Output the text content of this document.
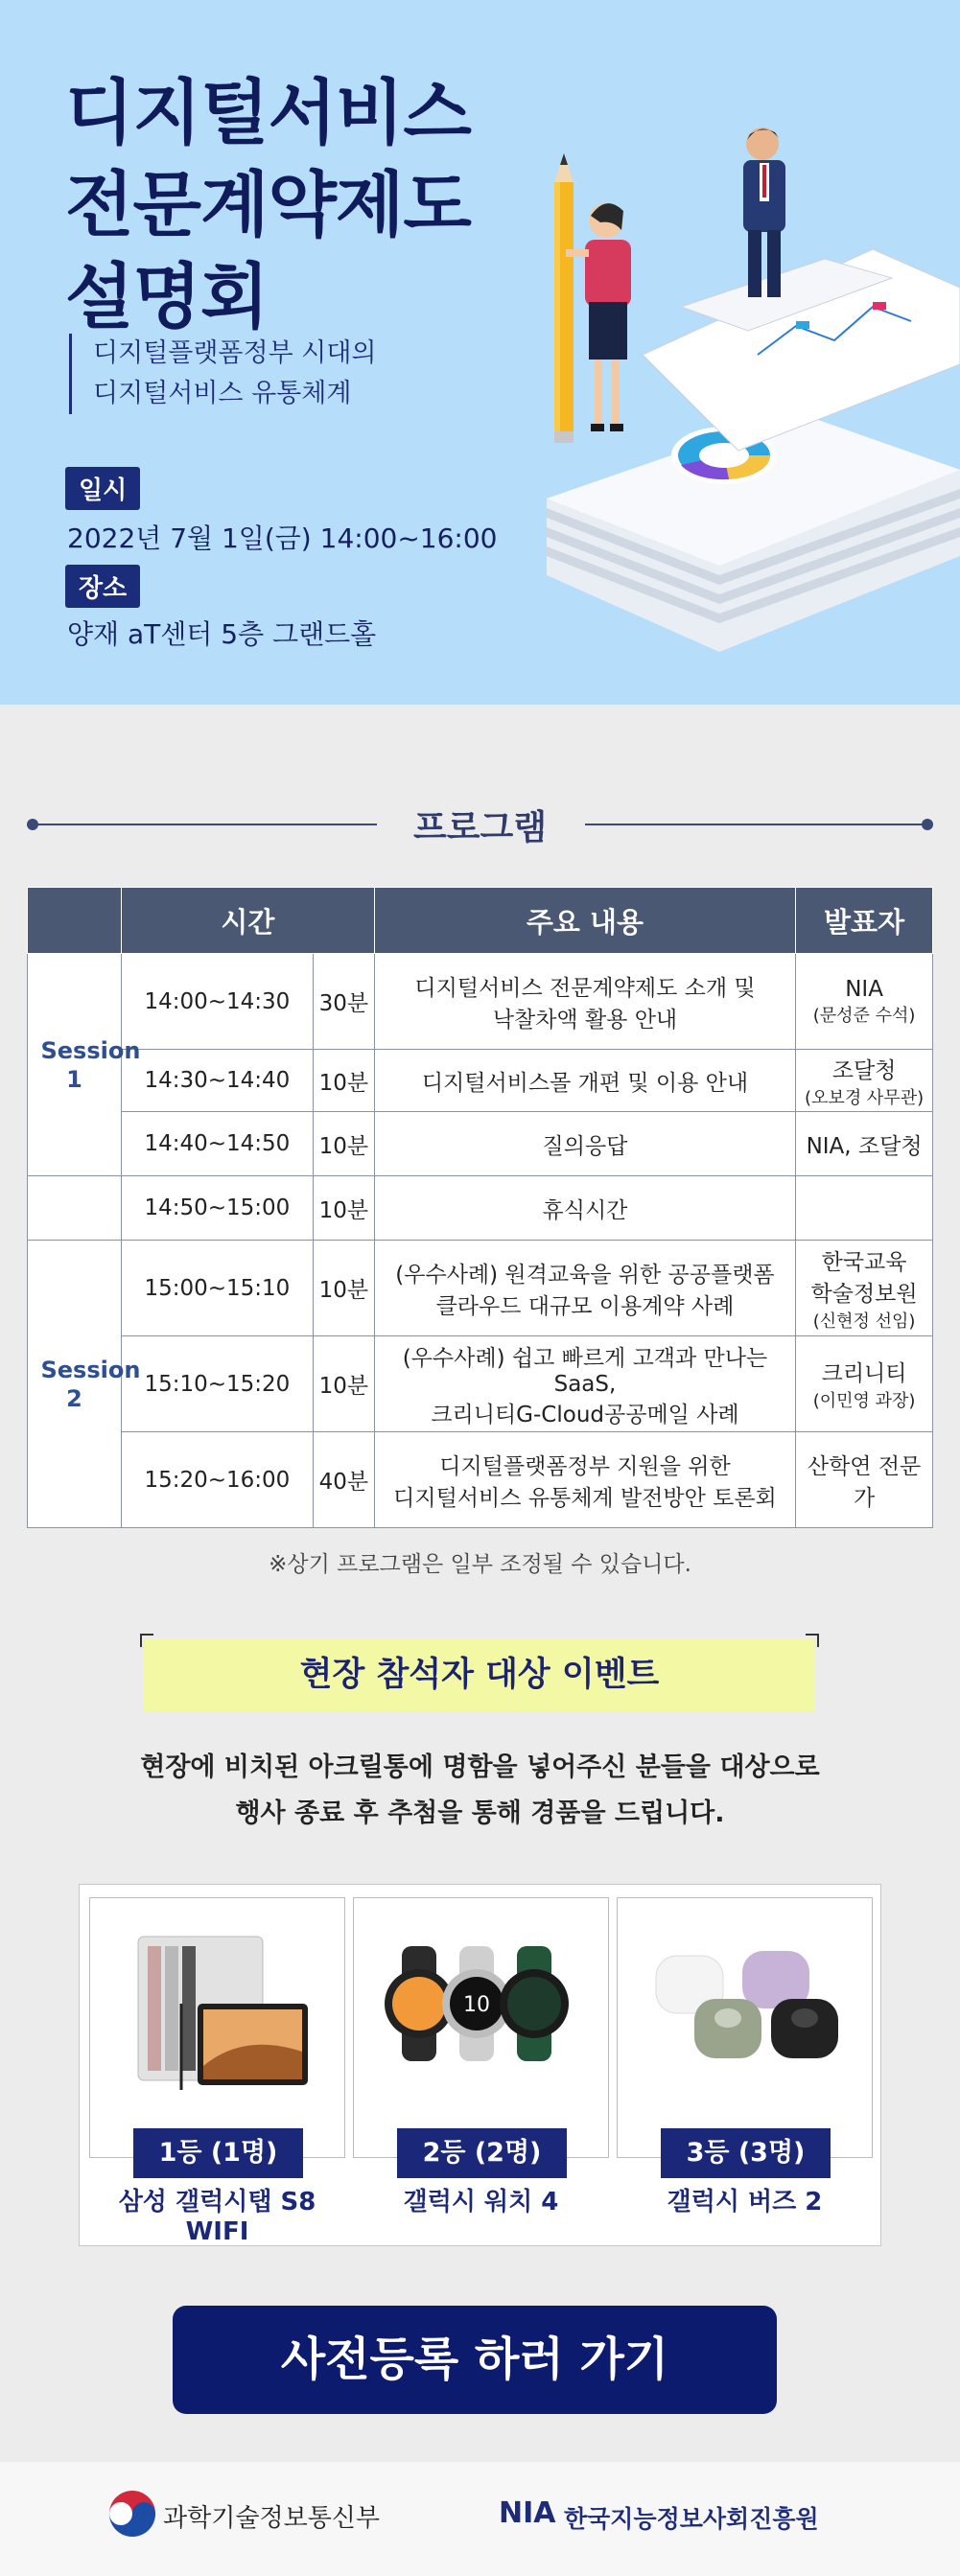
디지털서비스
전문계약제도
설명회
디지털플랫폼정부 시대의
디지털서비스 유통체계
일시
2022년 7월 1일(금) 14:00~16:00
장소
양재 aT센터 5층 그랜드홀
프로그램
	시간		주요 내용	발표자
Session 1	14:00~14:30	30분	디지털서비스 전문계약제도 소개 및
낙찰차액 활용 안내	NIA
(문성준 수석)

	14:30~14:40	10분	디지털서비스몰 개편 및 이용 안내	조달청
(오보경 사무관)

	14:40~14:50	10분	질의응답	NIA, 조달청
	14:50~15:00	10분	휴식시간	
Session 2	15:00~15:10	10분	(우수사례) 원격교육을 위한 공공플랫폼
클라우드 대규모 이용계약 사례	한국교육
학술정보원
(신현정 선임)

	15:10~15:20	10분	(우수사례) 쉽고 빠르게 고객과 만나는 SaaS,
크리니티G-Cloud공공메일 사례	크리니티
(이민영 과장)

	15:20~16:00	40분	디지털플랫폼정부 지원을 위한
디지털서비스 유통체계 발전방안 토론회	산학연 전문가
※상기 프로그램은 일부 조정될 수 있습니다.
현장 참석자 대상 이벤트
현장에 비치된 아크릴통에 명함을 넣어주신 분들을 대상으로
행사 종료 후 추첨을 통해 경품을 드립니다.
1등 (1명)
삼성 갤럭시탭 S8 WIFI
10
2등 (2명)
갤럭시 워치 4
3등 (3명)
갤럭시 버즈 2
사전등록 하러 가기
과학기술정보통신부	NIA 한국지능정보사회진흥원
